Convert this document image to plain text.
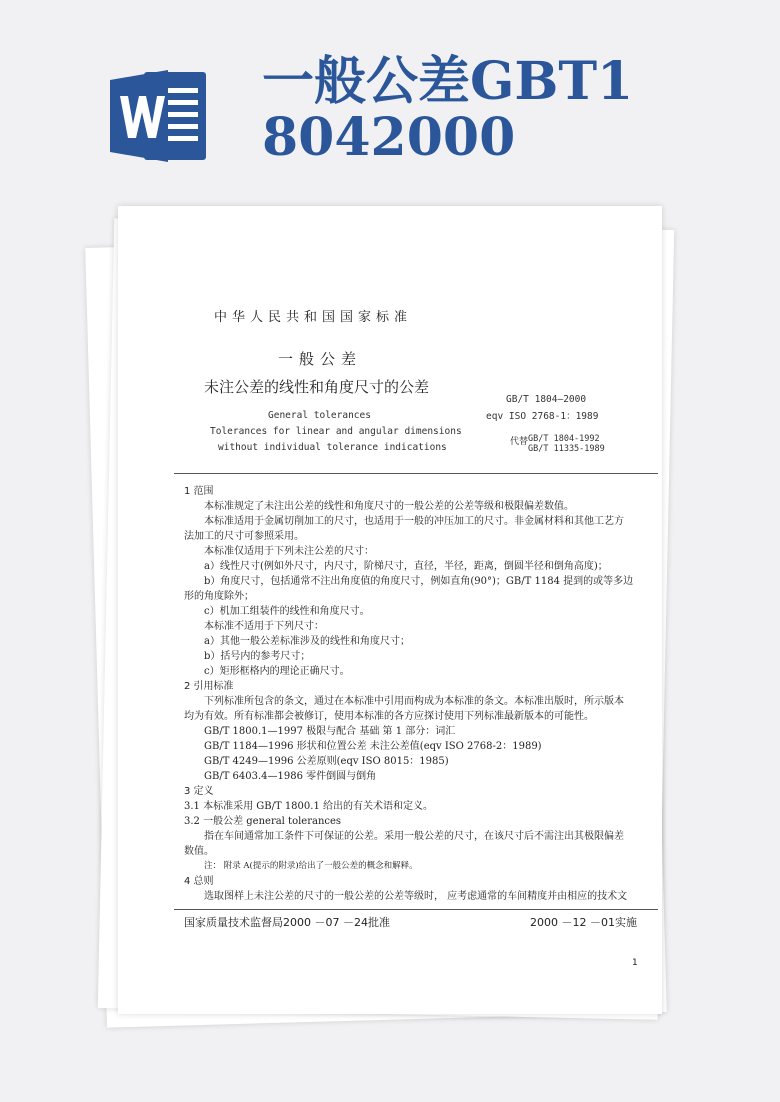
一般公差GBT1
8042000
中华人民共和国国家标准
一般公差
未注公差的线性和角度尺寸的公差
General tolerances
Tolerances for linear and angular dimensions
without individual tolerance indications
GB/T 1804—2000
eqv ISO 2768-1：1989
代替 GB/T 1804-1992
GB/T 11335-1989

1 范围

本标准规定了未注出公差的线性和角度尺寸的一般公差的公差等级和极限偏差数值。

本标准适用于金属切削加工的尺寸，也适用于一般的冲压加工的尺寸。非金属材料和其他工艺方

法加工的尺寸可参照采用。

本标准仅适用于下列未注公差的尺寸：

a）线性尺寸(例如外尺寸，内尺寸，阶梯尺寸，直径，半径，距离，倒圆半径和倒角高度)；

b）角度尺寸，包括通常不注出角度值的角度尺寸，例如直角(90°)；GB/T 1184 提到的或等多边

形的角度除外；

c）机加工组装件的线性和角度尺寸。

本标准不适用于下列尺寸：

a）其他一般公差标准涉及的线性和角度尺寸；

b）括号内的参考尺寸；

c）矩形框格内的理论正确尺寸。

2 引用标准

下列标准所包含的条文，通过在本标准中引用而构成为本标准的条文。本标准出版时，所示版本

均为有效。所有标准都会被修订，使用本标准的各方应探讨使用下列标准最新版本的可能性。

GB/T 1800.1—1997 极限与配合 基础 第 1 部分：词汇

GB/T 1184—1996 形状和位置公差 未注公差值(eqv ISO 2768-2：1989)

GB/T 4249—1996 公差原则(eqv ISO 8015：1985)

GB/T 6403.4—1986 零件倒圆与倒角

3 定义

3.1 本标准采用 GB/T 1800.1 给出的有关术语和定义。

3.2 一般公差 general tolerances

指在车间通常加工条件下可保证的公差。采用一般公差的尺寸，在该尺寸后不需注出其极限偏差

数值。

注： 附录 A(提示的附录)给出了一般公差的概念和解释。

4 总则

选取图样上未注公差的尺寸的一般公差的公差等级时， 应考虑通常的车间精度并由相应的技术文

国家质量技术监督局2000 －07 －24批准	2000 －12 －01实施
1
